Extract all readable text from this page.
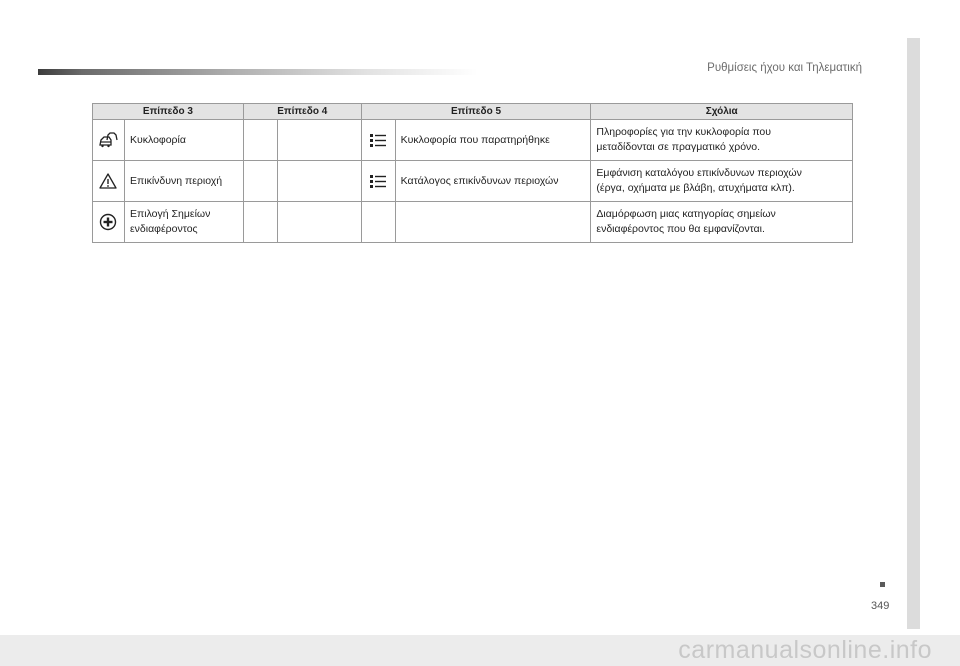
Ρυθμίσεις ήχου και Τηλεματική
Επίπεδο 3		Επίπεδο 4		Επίπεδο 5		Σχόλια

	Κυκλοφορία				Κυκλοφορία που παρατηρήθηκε	Πληροφορίες για την κυκλοφορία που
μεταδίδονται σε πραγματικό χρόνο.

	Επικίνδυνη περιοχή				Κατάλογος επικίνδυνων περιοχών	Εμφάνιση καταλόγου επικίνδυνων περιοχών
(έργα, οχήματα με βλάβη, ατυχήματα κλπ).

	Επιλογή Σημείων
ενδιαφέροντος					Διαμόρφωση μιας κατηγορίας σημείων
ενδιαφέροντος που θα εμφανίζονται.
349
carmanualsonline.info
